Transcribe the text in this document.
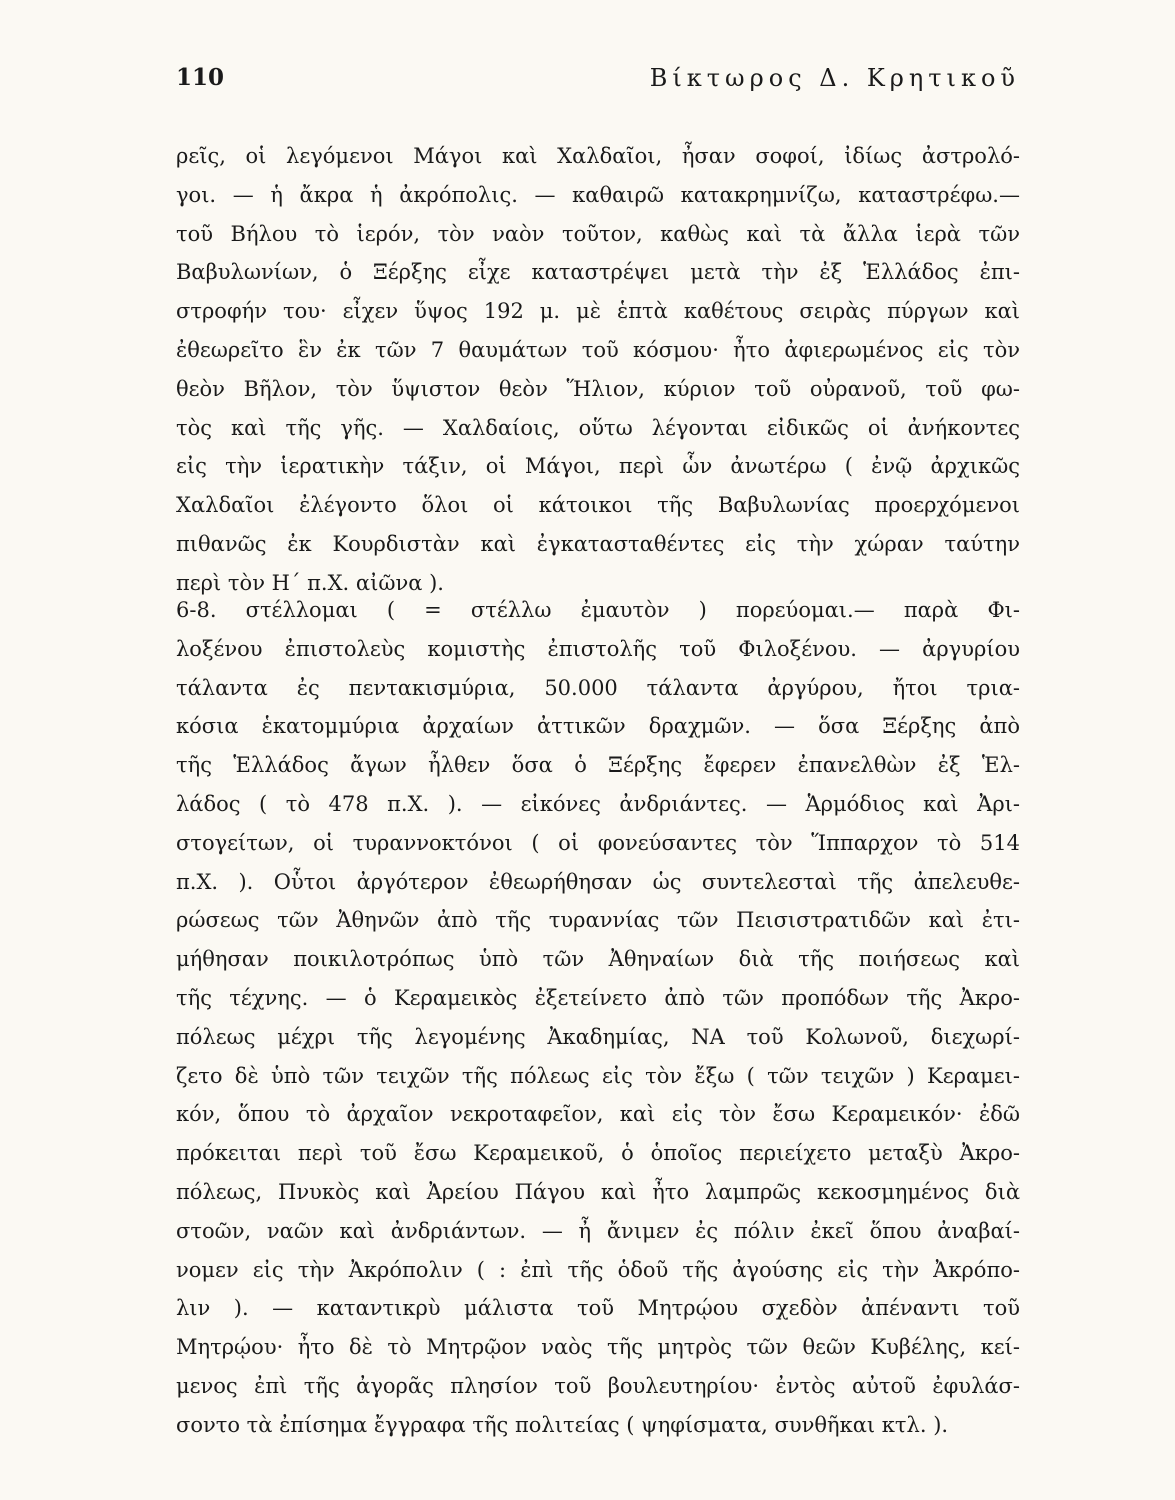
110	Βίκτωρος Δ. Κρητικοῦ
ρεῖς, οἱ λεγόμενοι Μάγοι καὶ Χαλδαῖοι, ἦσαν σοφοί, ἰδίως ἀστρολό-
γοι. — ἡ ἄκρα ἡ ἀκρόπολις. — καθαιρῶ κατακρημνίζω, καταστρέφω.—
τοῦ Βήλου τὸ ἱερόν, τὸν ναὸν τοῦτον, καθὼς καὶ τὰ ἄλλα ἱερὰ τῶν
Βαβυλωνίων, ὁ Ξέρξης εἶχε καταστρέψει μετὰ τὴν ἐξ Ἑλλάδος ἐπι-
στροφήν του· εἶχεν ὕψος 192 μ. μὲ ἑπτὰ καθέτους σειρὰς πύργων καὶ
ἐθεωρεῖτο ἓν ἐκ τῶν 7 θαυμάτων τοῦ κόσμου· ἦτο ἀφιερωμένος εἰς τὸν
θεὸν Βῆλον, τὸν ὕψιστον θεὸν Ἥλιον, κύριον τοῦ οὐρανοῦ, τοῦ φω-
τὸς καὶ τῆς γῆς. — Χαλδαίοις, οὕτω λέγονται εἰδικῶς οἱ ἀνήκοντες
εἰς τὴν ἱερατικὴν τάξιν, οἱ Μάγοι, περὶ ὧν ἀνωτέρω ( ἐνῷ ἀρχικῶς
Χαλδαῖοι ἐλέγοντο ὅλοι οἱ κάτοικοι τῆς Βαβυλωνίας προερχόμενοι
πιθανῶς ἐκ Κουρδιστὰν καὶ ἐγκατασταθέντες εἰς τὴν χώραν ταύτην
περὶ τὸν Η΄ π.Χ. αἰῶνα ).
6-8. στέλλομαι ( = στέλλω ἐμαυτὸν ) πορεύομαι.— παρὰ Φι-
λοξένου ἐπιστολεὺς κομιστὴς ἐπιστολῆς τοῦ Φιλοξένου. — ἀργυρίου
τάλαντα ἐς πεντακισμύρια, 50.000 τάλαντα ἀργύρου, ἤτοι τρια-
κόσια ἑκατομμύρια ἀρχαίων ἀττικῶν δραχμῶν. — ὅσα Ξέρξης ἀπὸ
τῆς Ἑλλάδος ἄγων ἦλθεν ὅσα ὁ Ξέρξης ἔφερεν ἐπανελθὼν ἐξ Ἑλ-
λάδος ( τὸ 478 π.Χ. ). — εἰκόνες ἀνδριάντες. — Ἁρμόδιος καὶ Ἀρι-
στογείτων, οἱ τυραννοκτόνοι ( οἱ φονεύσαντες τὸν Ἵππαρχον τὸ 514
π.Χ. ). Οὗτοι ἀργότερον ἐθεωρήθησαν ὡς συντελεσταὶ τῆς ἀπελευθε-
ρώσεως τῶν Ἀθηνῶν ἀπὸ τῆς τυραννίας τῶν Πεισιστρατιδῶν καὶ ἐτι-
μήθησαν ποικιλοτρόπως ὑπὸ τῶν Ἀθηναίων διὰ τῆς ποιήσεως καὶ
τῆς τέχνης. — ὁ Κεραμεικὸς ἐξετείνετο ἀπὸ τῶν προπόδων τῆς Ἀκρο-
πόλεως μέχρι τῆς λεγομένης Ἀκαδημίας, ΝΑ τοῦ Κολωνοῦ, διεχωρί-
ζετο δὲ ὑπὸ τῶν τειχῶν τῆς πόλεως εἰς τὸν ἔξω ( τῶν τειχῶν ) Κεραμει-
κόν, ὅπου τὸ ἀρχαῖον νεκροταφεῖον, καὶ εἰς τὸν ἔσω Κεραμεικόν· ἐδῶ
πρόκειται περὶ τοῦ ἔσω Κεραμεικοῦ, ὁ ὁποῖος περιείχετο μεταξὺ Ἀκρο-
πόλεως, Πνυκὸς καὶ Ἀρείου Πάγου καὶ ἦτο λαμπρῶς κεκοσμημένος διὰ
στοῶν, ναῶν καὶ ἀνδριάντων. — ἦ ἄνιμεν ἐς πόλιν ἐκεῖ ὅπου ἀναβαί-
νομεν εἰς τὴν Ἀκρόπολιν ( : ἐπὶ τῆς ὁδοῦ τῆς ἀγούσης εἰς τὴν Ἀκρόπο-
λιν ). — καταντικρὺ μάλιστα τοῦ Μητρῴου σχεδὸν ἀπέναντι τοῦ
Μητρῴου· ἦτο δὲ τὸ Μητρῷον ναὸς τῆς μητρὸς τῶν θεῶν Κυβέλης, κεί-
μενος ἐπὶ τῆς ἀγορᾶς πλησίον τοῦ βουλευτηρίου· ἐντὸς αὐτοῦ ἐφυλάσ-
σοντο τὰ ἐπίσημα ἔγγραφα τῆς πολιτείας ( ψηφίσματα, συνθῆκαι κτλ. ).
